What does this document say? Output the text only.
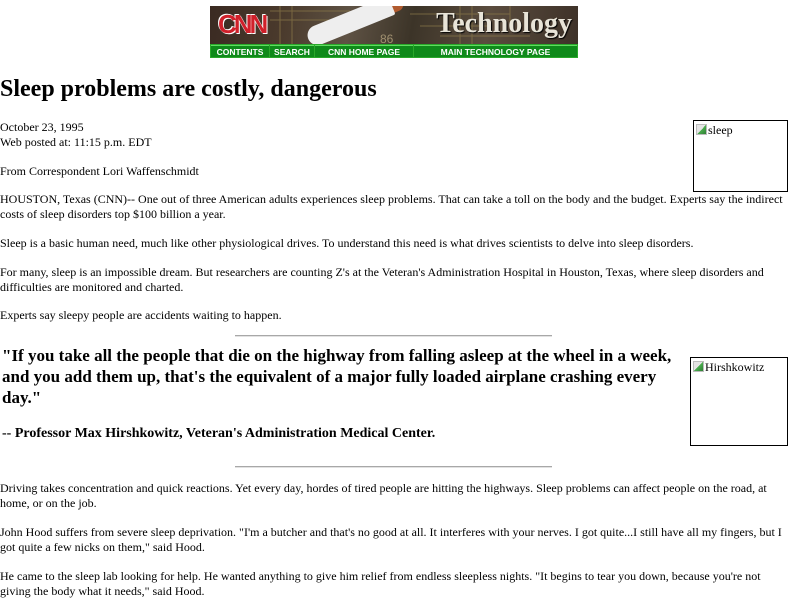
86
CNN	Technology
CONTENTS	SEARCH	CNN HOME PAGE	MAIN TECHNOLOGY PAGE
Sleep problems are costly, dangerous
October 23, 1995
Web posted at: 11:15 p.m. EDT
From Correspondent Lori Waffenschmidt
sleep

HOUSTON, Texas (CNN)-- One out of three American adults experiences sleep problems. That can take a toll on the body and the budget. Experts say the indirect costs of sleep disorders top $100 billion a year.

Sleep is a basic human need, much like other physiological drives. To understand this need is what drives scientists to delve into sleep disorders.

For many, sleep is an impossible dream. But researchers are counting Z's at the Veteran's Administration Hospital in Houston, Texas, where sleep disorders and difficulties are monitored and charted.

Experts say sleepy people are accidents waiting to happen.

"If you take all the people that die on the highway from falling asleep at the wheel in a week, and you add them up, that's the equivalent of a major fully loaded airplane crashing every day."

-- Professor Max Hirshkowitz, Veteran's Administration Medical Center.

Hirshkowitz

Driving takes concentration and quick reactions. Yet every day, hordes of tired people are hitting the highways. Sleep problems can affect people on the road, at home, or on the job.

John Hood suffers from severe sleep deprivation. "I'm a butcher and that's no good at all. It interferes with your nerves. I got quite...I still have all my fingers, but I got quite a few nicks on them," said Hood.

He came to the sleep lab looking for help. He wanted anything to give him relief from endless sleepless nights. "It begins to tear you down, because you're not giving the body what it needs," said Hood.
